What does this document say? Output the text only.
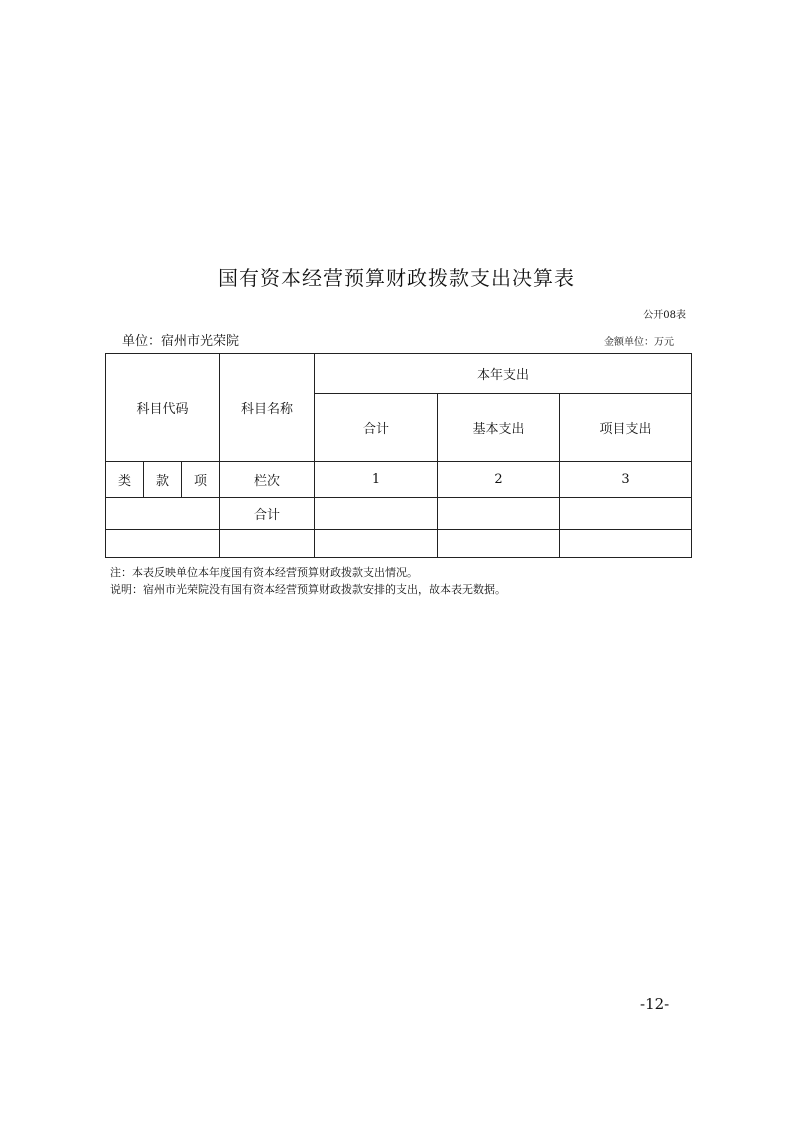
国有资本经营预算财政拨款支出决算表
公开08表
单位：宿州市光荣院	金额单位：万元
科目代码			科目名称	本年支出		
				合计	基本支出	项目支出
类	款	项	栏次	1	2	3
			合计			

注：本表反映单位本年度国有资本经营预算财政拨款支出情况。
说明：宿州市光荣院没有国有资本经营预算财政拨款安排的支出，故本表无数据。
-12-
